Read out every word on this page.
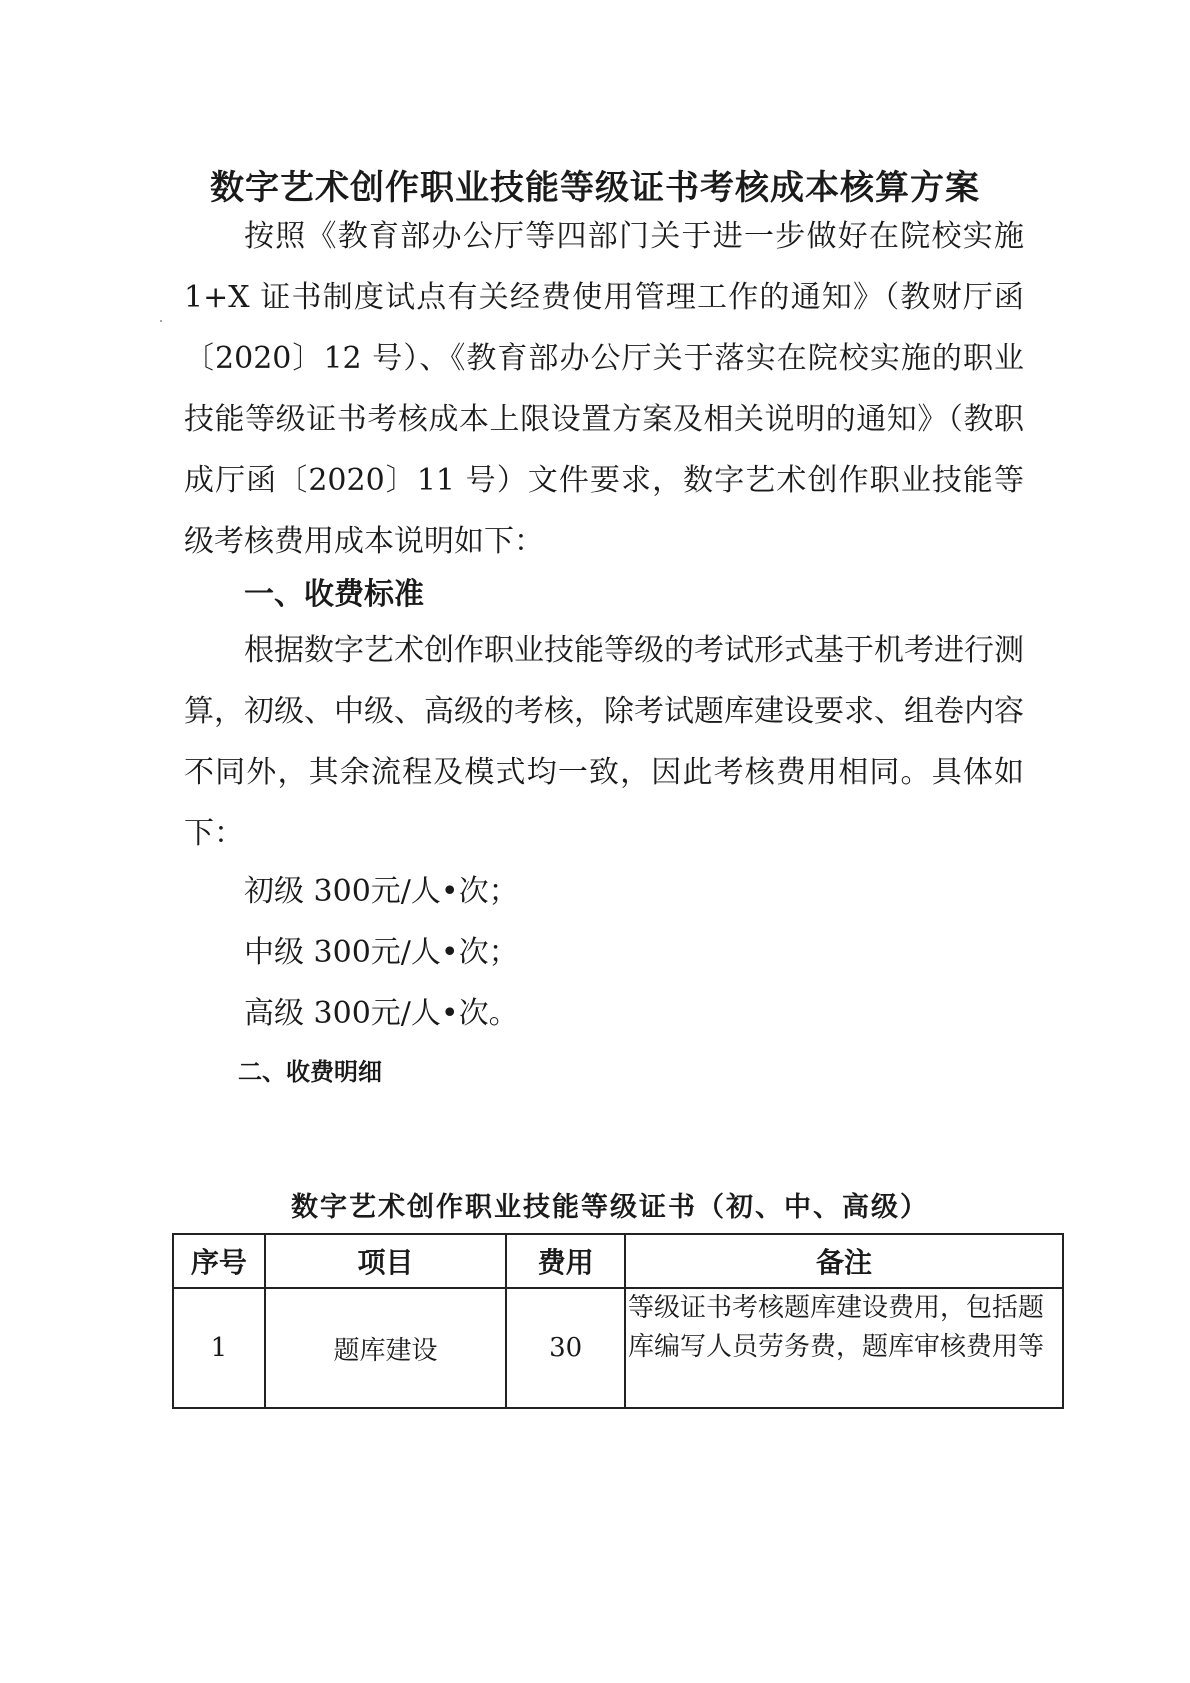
数字艺术创作职业技能等级证书考核成本核算方案

按照《教育部办公厅等四部门关于进一步做好在院校实施1+X 证书制度试点有关经费使用管理工作的通知》（教财厅函〔2020〕12 号）、《教育部办公厅关于落实在院校实施的职业技能等级证书考核成本上限设置方案及相关说明的通知》（教职成厅函〔2020〕11 号）文件要求，数字艺术创作职业技能等级考核费用成本说明如下：

一、收费标准

根据数字艺术创作职业技能等级的考试形式基于机考进行测算，初级、中级、高级的考核，除考试题库建设要求、组卷内容不同外，其余流程及模式均一致，因此考核费用相同。具体如下：

初级 300元/人•次；
中级 300元/人•次；
高级 300元/人•次。
二、收费明细
数字艺术创作职业技能等级证书（初、中、高级）
序号	项目	费用	备注
1	题库建设	30	等级证书考核题库建设费用，包括题库编写人员劳务费，题库审核费用等
